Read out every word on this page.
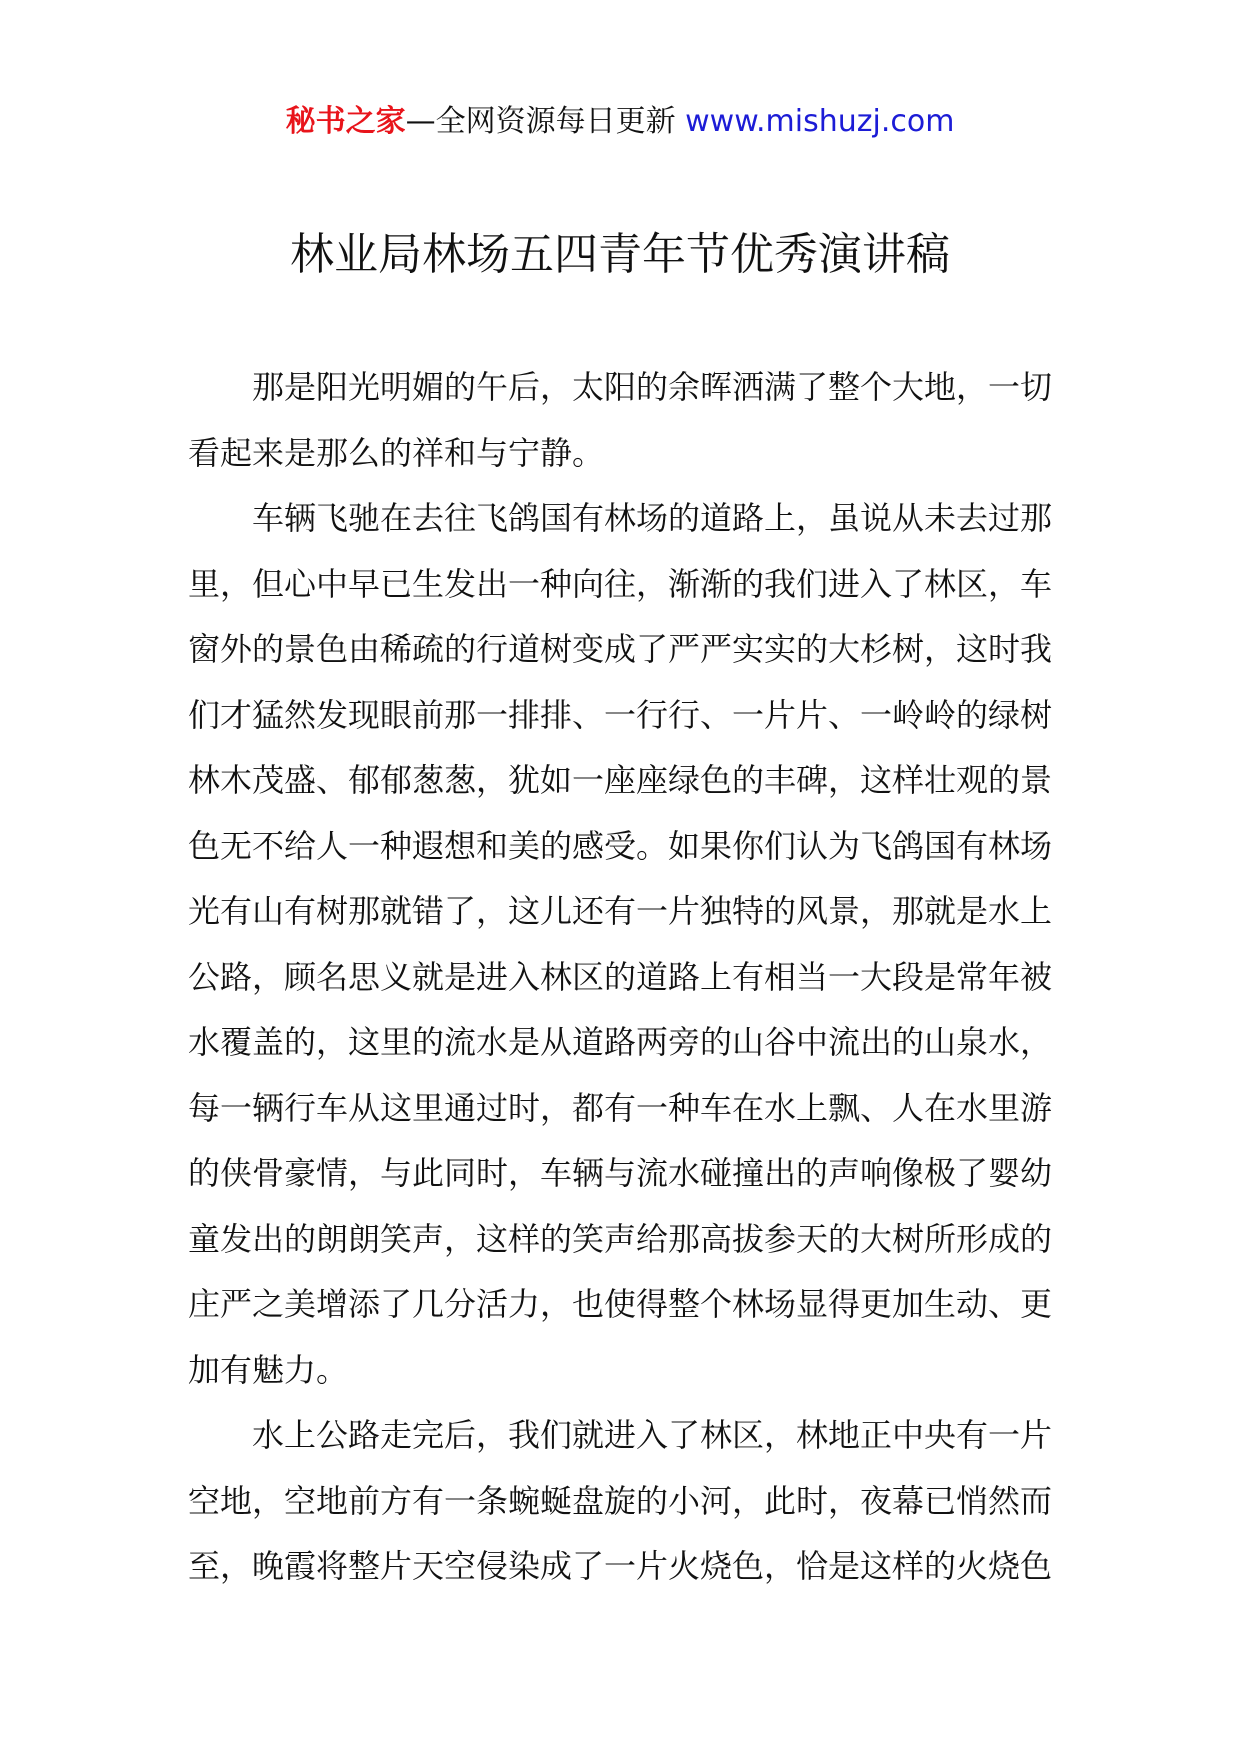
秘书之家—全网资源每日更新 www.mishuzj.com
林业局林场五四青年节优秀演讲稿

那是阳光明媚的午后，太阳的余晖洒满了整个大地，一切看起来是那么的祥和与宁静。

车辆飞驰在去往飞鸽国有林场的道路上，虽说从未去过那里，但心中早已生发出一种向往，渐渐的我们进入了林区，车窗外的景色由稀疏的行道树变成了严严实实的大杉树，这时我们才猛然发现眼前那一排排、一行行、一片片、一岭岭的绿树林木茂盛、郁郁葱葱，犹如一座座绿色的丰碑，这样壮观的景色无不给人一种遐想和美的感受。如果你们认为飞鸽国有林场光有山有树那就错了，这儿还有一片独特的风景，那就是水上公路，顾名思义就是进入林区的道路上有相当一大段是常年被水覆盖的，这里的流水是从道路两旁的山谷中流出的山泉水，每一辆行车从这里通过时，都有一种车在水上飘、人在水里游的侠骨豪情，与此同时，车辆与流水碰撞出的声响像极了婴幼童发出的朗朗笑声，这样的笑声给那高拔参天的大树所形成的庄严之美增添了几分活力，也使得整个林场显得更加生动、更加有魅力。

水上公路走完后，我们就进入了林区，林地正中央有一片空地，空地前方有一条蜿蜒盘旋的小河，此时，夜幕已悄然而至，晚霞将整片天空侵染成了一片火烧色，恰是这样的火烧色
